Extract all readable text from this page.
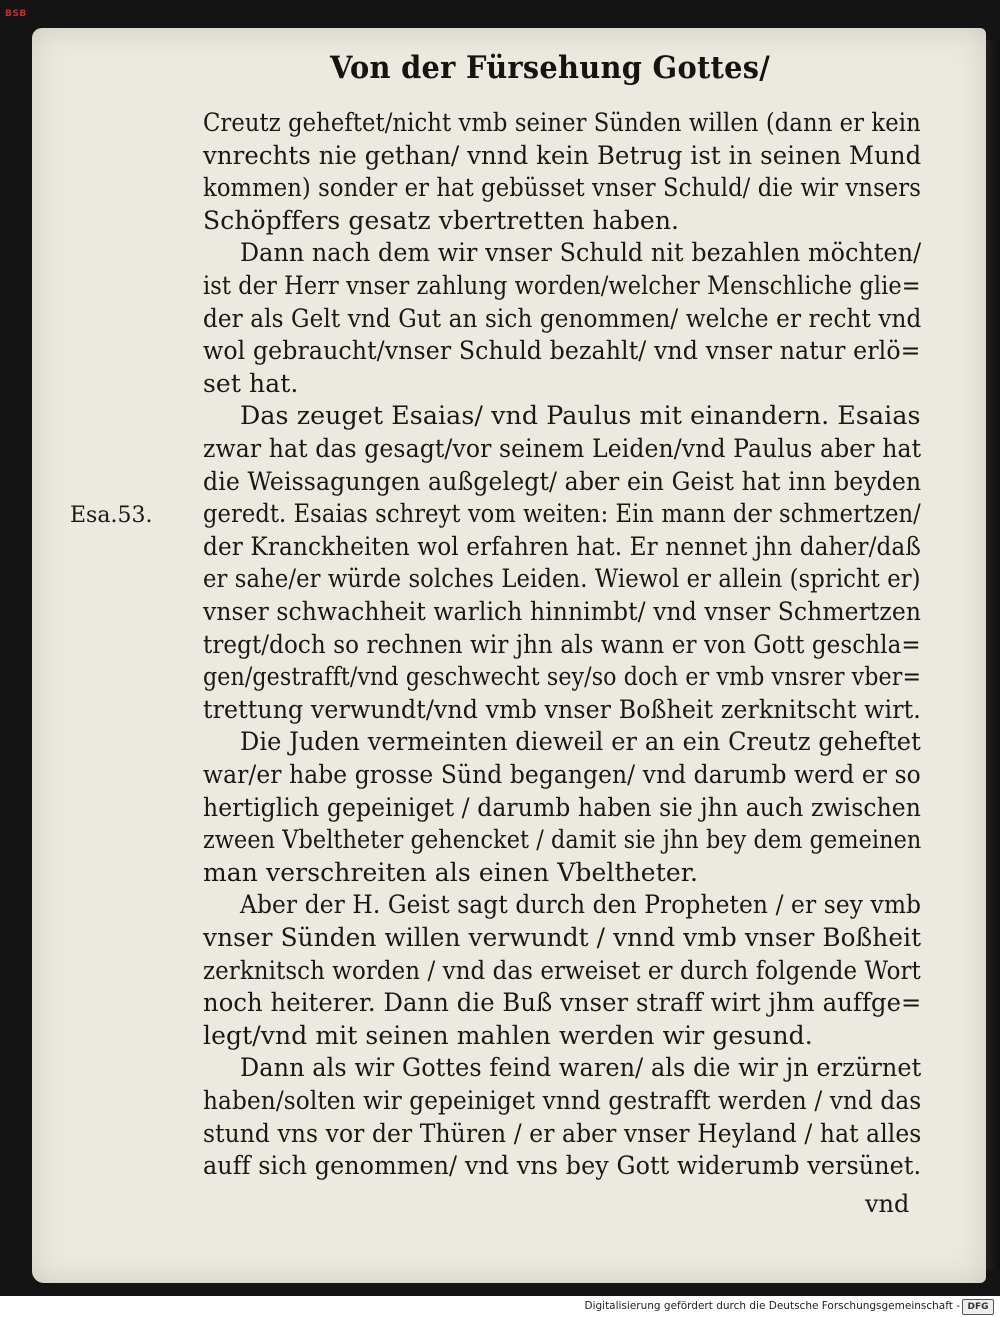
BSB
Von der Fürsehung Gottes/
Esa.53.
Creutz geheftet/nicht vmb seiner Sünden willen (dann er kein
vnrechts nie gethan/ vnnd kein Betrug ist in seinen Mund
kommen) sonder er hat gebüsset vnser Schuld/ die wir vnsers
Schöpffers gesatz vbertretten haben.
Dann nach dem wir vnser Schuld nit bezahlen möchten/
ist der Herr vnser zahlung worden/welcher Menschliche glie=
der als Gelt vnd Gut an sich genommen/ welche er recht vnd
wol gebraucht/vnser Schuld bezahlt/ vnd vnser natur erlö=
set hat.
Das zeuget Esaias/ vnd Paulus mit einandern. Esaias
zwar hat das gesagt/vor seinem Leiden/vnd Paulus aber hat
die Weissagungen außgelegt/ aber ein Geist hat inn beyden
geredt. Esaias schreyt vom weiten: Ein mann der schmertzen/
der Kranckheiten wol erfahren hat. Er nennet jhn daher/daß
er sahe/er würde solches Leiden. Wiewol er allein (spricht er)
vnser schwachheit warlich hinnimbt/ vnd vnser Schmertzen
tregt/doch so rechnen wir jhn als wann er von Gott geschla=
gen/gestrafft/vnd geschwecht sey/so doch er vmb vnsrer vber=
trettung verwundt/vnd vmb vnser Boßheit zerknitscht wirt.
Die Juden vermeinten dieweil er an ein Creutz geheftet
war/er habe grosse Sünd begangen/ vnd darumb werd er so
hertiglich gepeiniget / darumb haben sie jhn auch zwischen
zween Vbeltheter gehencket / damit sie jhn bey dem gemeinen
man verschreiten als einen Vbeltheter.
Aber der H. Geist sagt durch den Propheten / er sey vmb
vnser Sünden willen verwundt / vnnd vmb vnser Boßheit
zerknitsch worden / vnd das erweiset er durch folgende Wort
noch heiterer. Dann die Buß vnser straff wirt jhm auffge=
legt/vnd mit seinen mahlen werden wir gesund.
Dann als wir Gottes feind waren/ als die wir jn erzürnet
haben/solten wir gepeiniget vnnd gestrafft werden / vnd das
stund vns vor der Thüren / er aber vnser Heyland / hat alles
auff sich genommen/ vnd vns bey Gott widerumb versünet.
vnd
Digitalisierung gefördert durch die Deutsche Forschungsgemeinschaft - DFG
